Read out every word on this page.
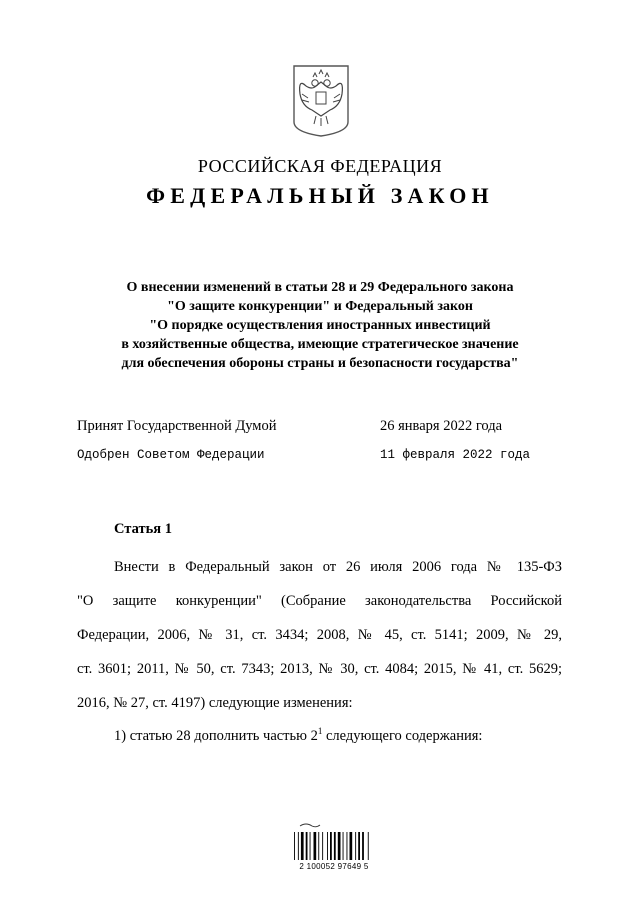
РОССИЙСКАЯ ФЕДЕРАЦИЯ
ФЕДЕРАЛЬНЫЙ ЗАКОН
О внесении изменений в статьи 28 и 29 Федерального закона
"О защите конкуренции" и Федеральный закон
"О порядке осуществления иностранных инвестиций
в хозяйственные общества, имеющие стратегическое значение
для обеспечения обороны страны и безопасности государства"
Принят Государственной Думой	26 января 2022 года
Одобрен Советом Федерации	11 февраля 2022 года
Статья 1
Внести в Федеральный закон от 26 июля 2006 года № 135-ФЗ
"О защите конкуренции" (Собрание законодательства Российской
Федерации, 2006, № 31, ст. 3434; 2008, № 45, ст. 5141; 2009, № 29,
ст. 3601; 2011, № 50, ст. 7343; 2013, № 30, ст. 4084; 2015, № 41, ст. 5629;
2016, № 27, ст. 4197) следующие изменения:
1) статью 28 дополнить частью $2^1$ следующего содержания:
2 100052 97649 5
